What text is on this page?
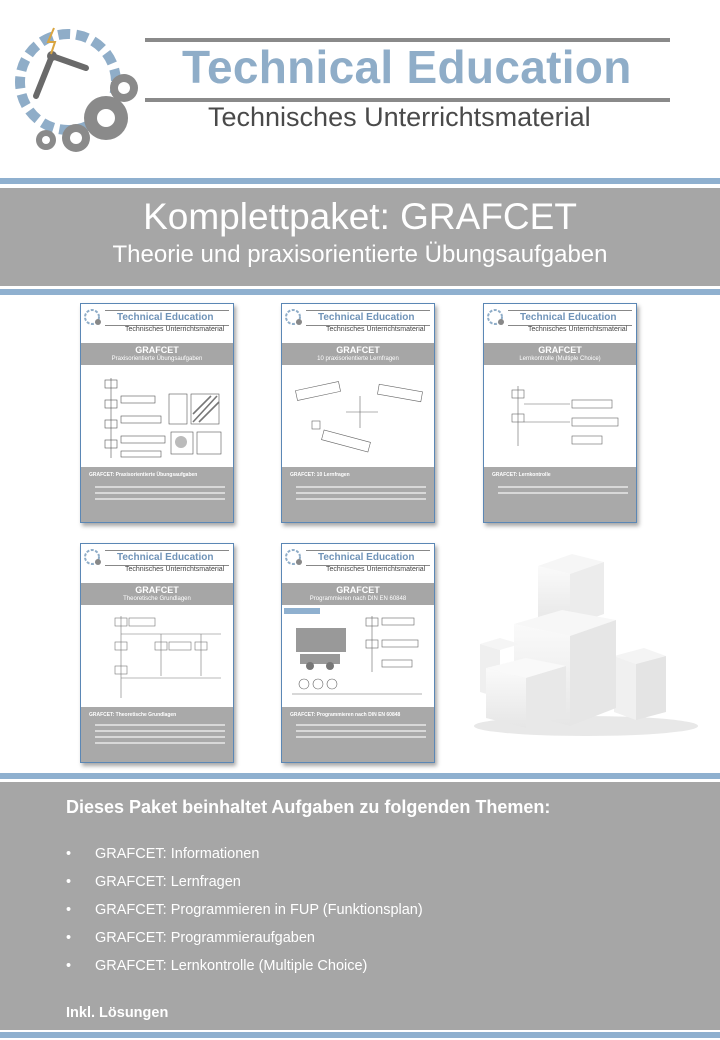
Technical Education
Technisches Unterrichtsmaterial
Komplettpaket: GRAFCET
Theorie und praxisorientierte Übungsaufgaben
Technical Education
Technisches Unterrichtsmaterial
GRAFCET
Praxisorientierte Übungsaufgaben
GRAFCET: Praxisorientierte Übungsaufgaben
Technical Education
Technisches Unterrichtsmaterial
GRAFCET
10 praxisorientierte Lernfragen
GRAFCET: 10 Lernfragen
Technical Education
Technisches Unterrichtsmaterial
GRAFCET
Lernkontrolle (Multiple Choice)
GRAFCET: Lernkontrolle
Technical Education
Technisches Unterrichtsmaterial
GRAFCET
Theoretische Grundlagen
GRAFCET: Theoretische Grundlagen
Technical Education
Technisches Unterrichtsmaterial
GRAFCET
Programmieren nach DIN EN 60848
GRAFCET: Programmieren nach DIN EN 60848
Dieses Paket beinhaltet Aufgaben zu folgenden Themen:
• GRAFCET: Informationen
• GRAFCET: Lernfragen
• GRAFCET: Programmieren in FUP (Funktionsplan)
• GRAFCET: Programmieraufgaben
• GRAFCET: Lernkontrolle (Multiple Choice)
Inkl. Lösungen
